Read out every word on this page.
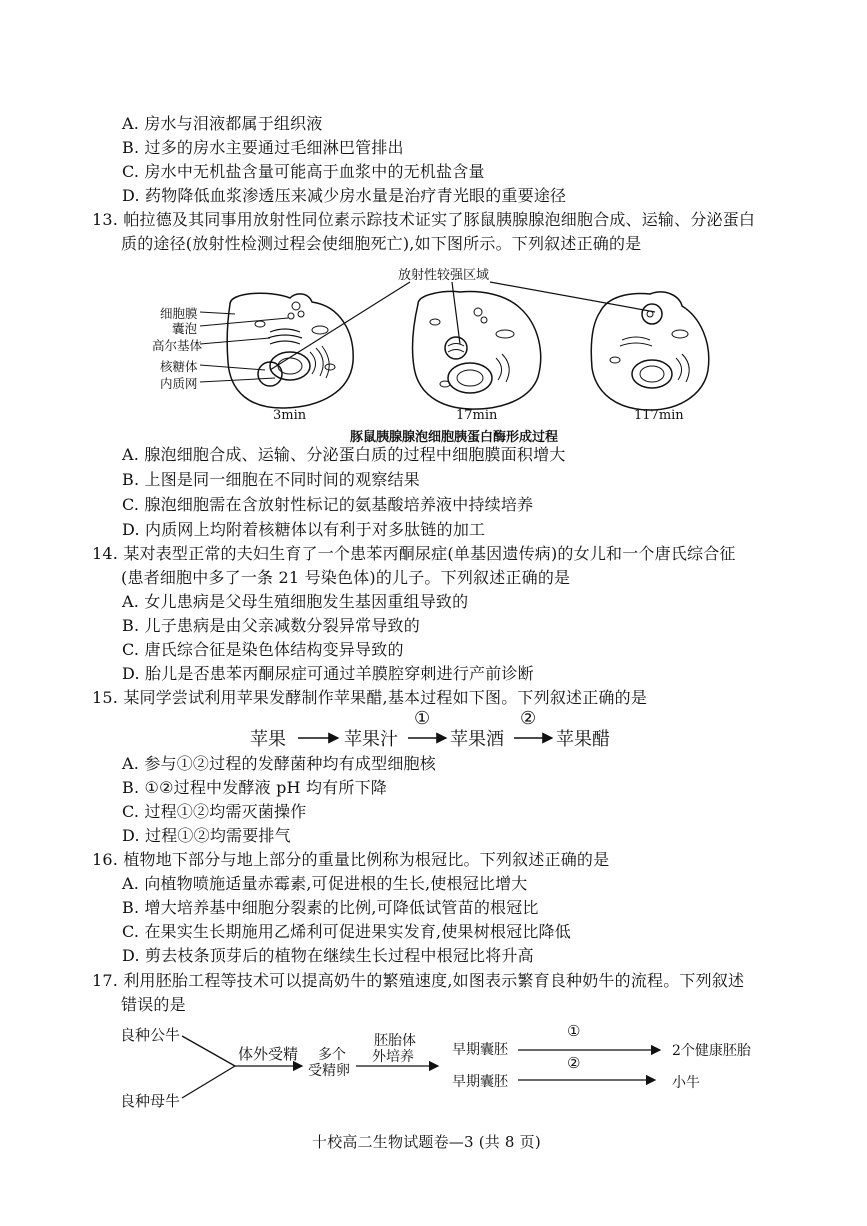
A. 房水与泪液都属于组织液
B. 过多的房水主要通过毛细淋巴管排出
C. 房水中无机盐含量可能高于血浆中的无机盐含量
D. 药物降低血浆渗透压来减少房水量是治疗青光眼的重要途径
13. 帕拉德及其同事用放射性同位素示踪技术证实了豚鼠胰腺腺泡细胞合成、运输、分泌蛋白
质的途径(放射性检测过程会使细胞死亡),如下图所示。下列叙述正确的是
放射性较强区域
细胞膜
囊泡
高尔基体
核糖体
内质网
3min	17min	117min
豚鼠胰腺腺泡细胞胰蛋白酶形成过程
A. 腺泡细胞合成、运输、分泌蛋白质的过程中细胞膜面积增大
B. 上图是同一细胞在不同时间的观察结果
C. 腺泡细胞需在含放射性标记的氨基酸培养液中持续培养
D. 内质网上均附着核糖体以有利于对多肽链的加工
14. 某对表型正常的夫妇生育了一个患苯丙酮尿症(单基因遗传病)的女儿和一个唐氏综合征
(患者细胞中多了一条 21 号染色体)的儿子。下列叙述正确的是
A. 女儿患病是父母生殖细胞发生基因重组导致的
B. 儿子患病是由父亲减数分裂异常导致的
C. 唐氏综合征是染色体结构变异导致的
D. 胎儿是否患苯丙酮尿症可通过羊膜腔穿刺进行产前诊断
15. 某同学尝试利用苹果发酵制作苹果醋,基本过程如下图。下列叙述正确的是
苹果	苹果汁	苹果酒	苹果醋
①	②
A. 参与①②过程的发酵菌种均有成型细胞核
B. ①②过程中发酵液 pH 均有所下降
C. 过程①②均需灭菌操作
D. 过程①②均需要排气
16. 植物地下部分与地上部分的重量比例称为根冠比。下列叙述正确的是
A. 向植物喷施适量赤霉素,可促进根的生长,使根冠比增大
B. 增大培养基中细胞分裂素的比例,可降低试管苗的根冠比
C. 在果实生长期施用乙烯利可促进果实发育,使果树根冠比降低
D. 剪去枝条顶芽后的植物在继续生长过程中根冠比将升高
17. 利用胚胎工程等技术可以提高奶牛的繁殖速度,如图表示繁育良种奶牛的流程。下列叙述
错误的是
良种公牛
良种母牛
体外受精 多个
受精卵
胚胎体
外培养	早期囊胚
早期囊胚
①
②
2个健康胚胎
小牛
十校高二生物试题卷—3 (共 8 页)
